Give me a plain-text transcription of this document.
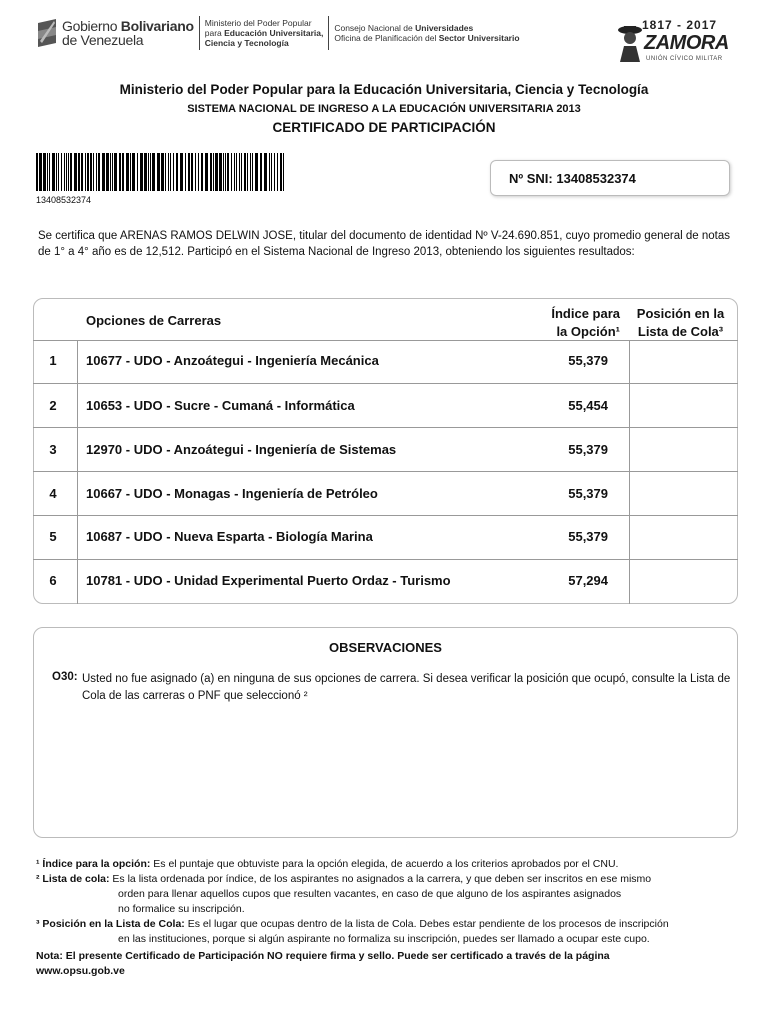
Gobierno Bolivariano
de Venezuela
Ministerio del Poder Popular
para Educación Universitaria,
Ciencia y Tecnología
Consejo Nacional de Universidades
Oficina de Planificación del Sector Universitario
1817 - 2017
ZAMORA
UNIÓN CÍVICO MILITAR
Ministerio del Poder Popular para la Educación Universitaria, Ciencia y Tecnología
SISTEMA NACIONAL DE INGRESO A LA EDUCACIÓN UNIVERSITARIA 2013
CERTIFICADO DE PARTICIPACIÓN
13408532374
Nº SNI: 13408532374
Se certifica que ARENAS RAMOS DELWIN JOSE, titular del documento de identidad Nº V-24.690.851, cuyo promedio general de notas de 1° a 4° año es de 12,512. Participó en el Sistema Nacional de Ingreso 2013, obteniendo los siguientes resultados:
Opciones de Carreras	Índice para
la Opción¹
Posición en la
Lista de Cola³
1	10677 - UDO - Anzoátegui - Ingeniería Mecánica	55,379
2	10653 - UDO - Sucre - Cumaná - Informática	55,454
3	12970 - UDO - Anzoátegui - Ingeniería de Sistemas	55,379
4	10667 - UDO - Monagas - Ingeniería de Petróleo	55,379
5	10687 - UDO - Nueva Esparta - Biología Marina	55,379
6	10781 - UDO - Unidad Experimental Puerto Ordaz - Turismo	57,294
OBSERVACIONES
O30: Usted no fue asignado (a) en ninguna de sus opciones de carrera. Si desea verificar la posición que ocupó, consulte la Lista de Cola de las carreras o PNF que seleccionó ²
¹ Índice para la opción: Es el puntaje que obtuviste para la opción elegida, de acuerdo a los criterios aprobados por el CNU.
² Lista de cola: Es la lista ordenada por índice, de los aspirantes no asignados a la carrera, y que deben ser inscritos en ese mismo
orden para llenar aquellos cupos que resulten vacantes, en caso de que alguno de los aspirantes asignados
no formalice su inscripción.
³ Posición en la Lista de Cola: Es el lugar que ocupas dentro de la lista de Cola. Debes estar pendiente de los procesos de inscripción
en las instituciones, porque si algún aspirante no formaliza su inscripción, puedes ser llamado a ocupar este cupo.
Nota: El presente Certificado de Participación NO requiere firma y sello. Puede ser certificado a través de la página www.opsu.gob.ve
